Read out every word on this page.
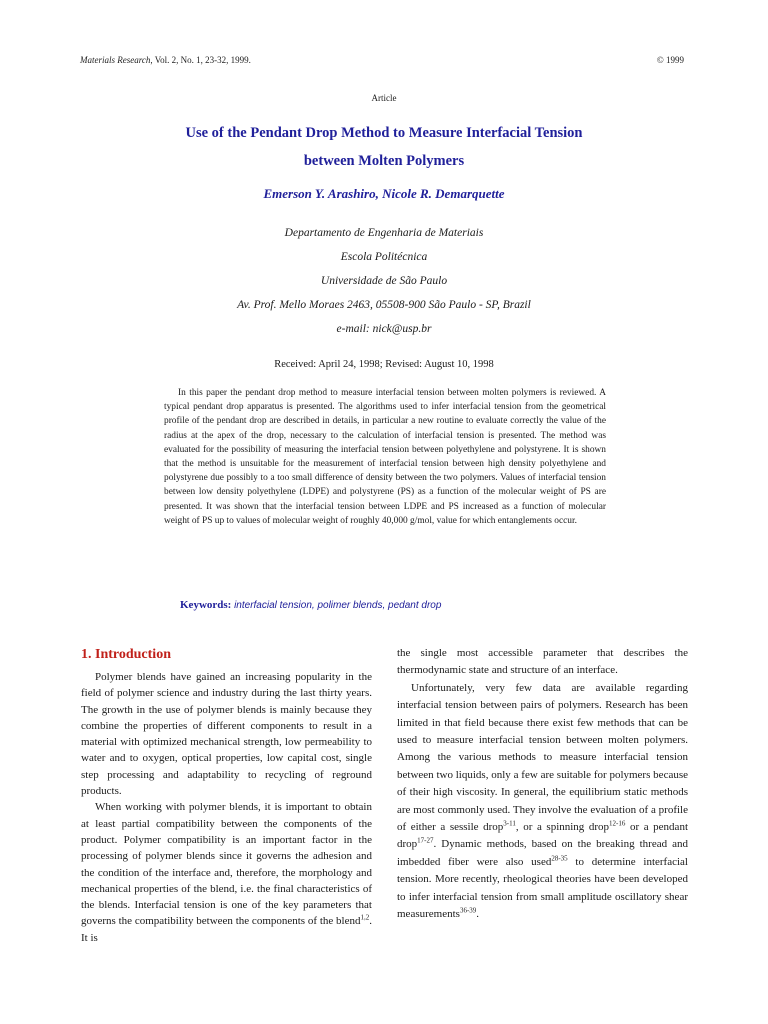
Materials Research, Vol. 2, No. 1, 23-32, 1999.	© 1999
Article
Use of the Pendant Drop Method to Measure Interfacial Tension
between Molten Polymers
Emerson Y. Arashiro, Nicole R. Demarquette
Departamento de Engenharia de Materiais
Escola Politécnica
Universidade de São Paulo
Av. Prof. Mello Moraes 2463, 05508-900 São Paulo - SP, Brazil
e-mail: nick@usp.br
Received: April 24, 1998; Revised: August 10, 1998
In this paper the pendant drop method to measure interfacial tension between molten polymers is reviewed. A typical pendant drop apparatus is presented. The algorithms used to infer interfacial tension from the geometrical profile of the pendant drop are described in details, in particular a new routine to evaluate correctly the value of the radius at the apex of the drop, necessary to the calculation of interfacial tension is presented. The method was evaluated for the possibility of measuring the interfacial tension between polyethylene and polystyrene. It is shown that the method is unsuitable for the measurement of interfacial tension between high density polyethylene and polystyrene due possibly to a too small difference of density between the two polymers. Values of interfacial tension between low density polyethylene (LDPE) and polystyrene (PS) as a function of the molecular weight of PS are presented. It was shown that the interfacial tension between LDPE and PS increased as a function of molecular weight of PS up to values of molecular weight of roughly 40,000 g/mol, value for which entanglements occur.
Keywords: interfacial tension, polimer blends, pedant drop
1. Introduction

Polymer blends have gained an increasing popularity in the field of polymer science and industry during the last thirty years. The growth in the use of polymer blends is mainly because they combine the properties of different components to result in a material with optimized mechanical strength, low permeability to water and to oxygen, optical properties, low capital cost, single step processing and adaptability to recycling of reground products.

When working with polymer blends, it is important to obtain at least partial compatibility between the components of the product. Polymer compatibility is an important factor in the processing of polymer blends since it governs the adhesion and the condition of the interface and, therefore, the morphology and mechanical properties of the blend, i.e. the final characteristics of the blends. Interfacial tension is one of the key parameters that governs the compatibility between the components of the blend$^{1,2}$. It is

the single most accessible parameter that describes the thermodynamic state and structure of an interface.

Unfortunately, very few data are available regarding interfacial tension between pairs of polymers. Research has been limited in that field because there exist few methods that can be used to measure interfacial tension between molten polymers. Among the various methods to measure interfacial tension between two liquids, only a few are suitable for polymers because of their high viscosity. In general, the equilibrium static methods are most commonly used. They involve the evaluation of a profile of either a sessile drop$^{3-11}$, or a spinning drop$^{12-16}$ or a pendant drop$^{17-27}$. Dynamic methods, based on the breaking thread and imbedded fiber were also used$^{28-35}$ to determine interfacial tension. More recently, rheological theories have been developed to infer interfacial tension from small amplitude oscillatory shear measurements$^{36-39}$.
